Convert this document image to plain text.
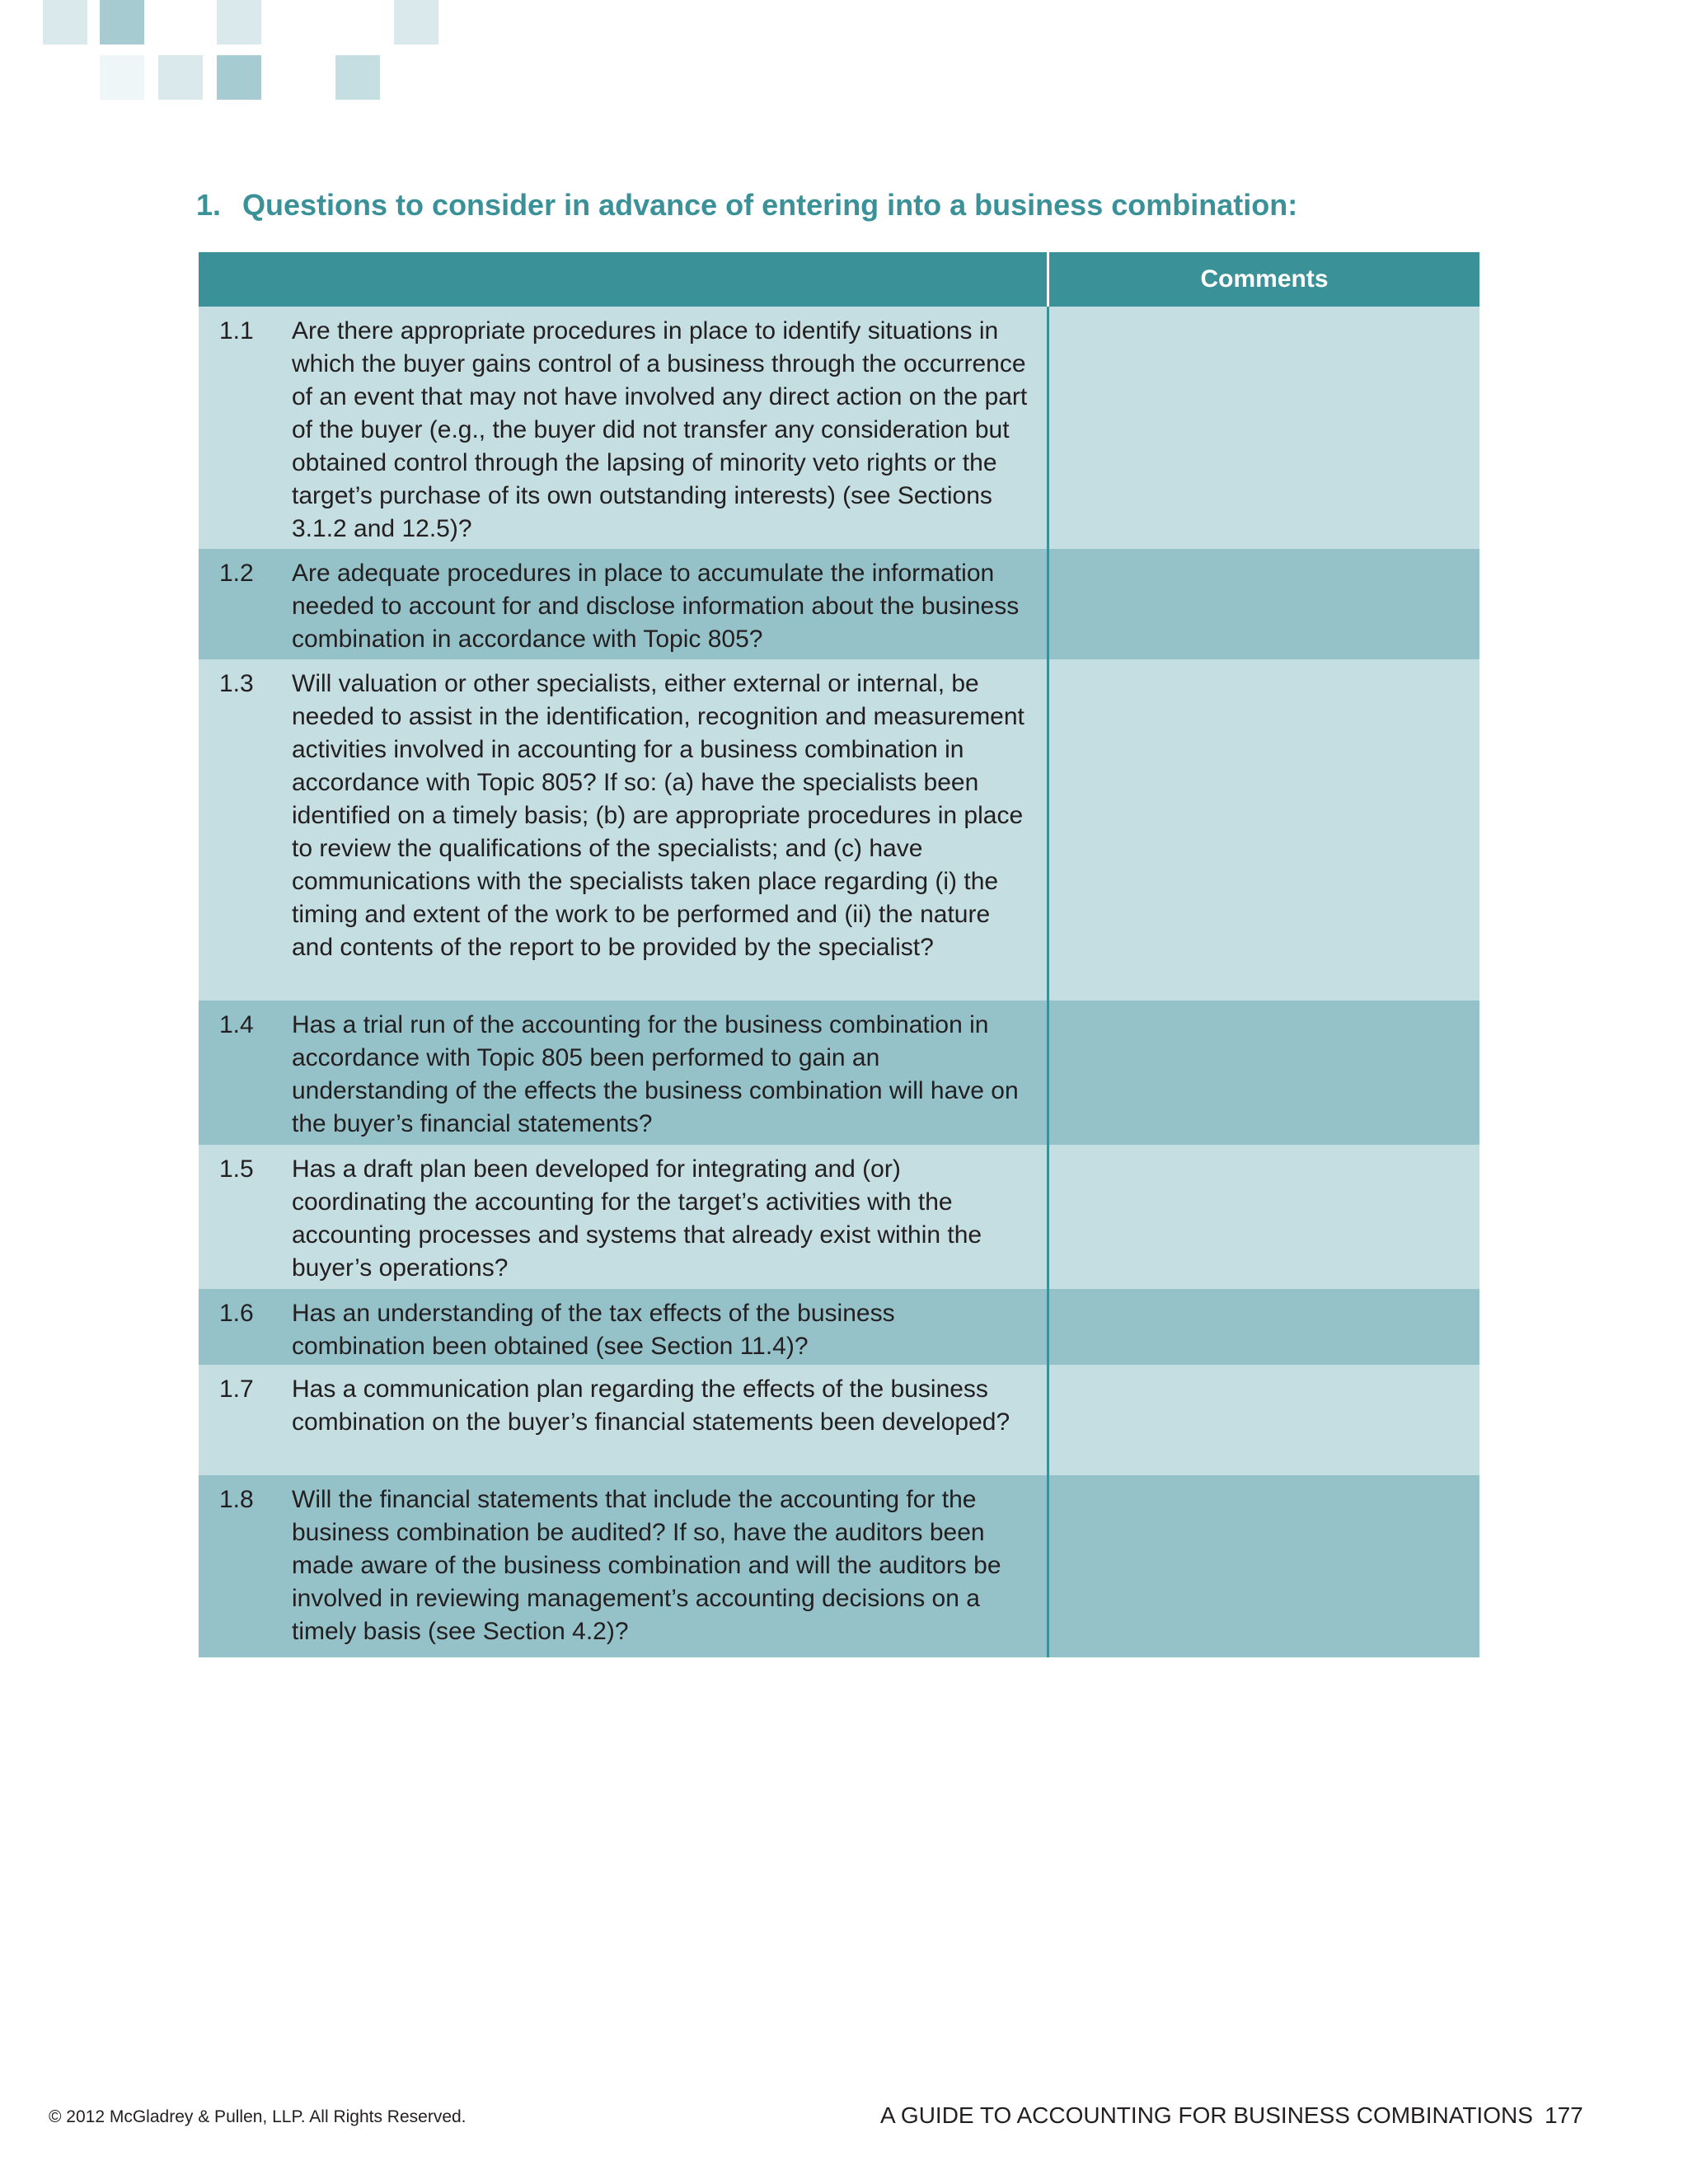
1. Questions to consider in advance of entering into a business combination:
Comments
1.1	Are there appropriate procedures in place to identify situations in which the buyer gains control of a business through the occurrence of an event that may not have involved any direct action on the part of the buyer (e.g., the buyer did not transfer any consideration but obtained control through the lapsing of minority veto rights or the target’s purchase of its own outstanding interests) (see Sections 3.1.2 and 12.5)?
1.2	Are adequate procedures in place to accumulate the information needed to account for and disclose information about the business combination in accordance with Topic 805?
1.3	Will valuation or other specialists, either external or internal, be needed to assist in the identification, recognition and measurement activities involved in accounting for a business combination in accordance with Topic 805? If so: (a) have the specialists been identified on a timely basis; (b) are appropriate procedures in place to review the qualifications of the specialists; and (c) have communications with the specialists taken place regarding (i) the timing and extent of the work to be performed and (ii) the nature and contents of the report to be provided by the specialist?
1.4	Has a trial run of the accounting for the business combination in accordance with Topic 805 been performed to gain an understanding of the effects the business combination will have on the buyer’s financial statements?
1.5	Has a draft plan been developed for integrating and (or) coordinating the accounting for the target’s activities with the accounting processes and systems that already exist within the buyer’s operations?
1.6	Has an understanding of the tax effects of the business combination been obtained (see Section 11.4)?
1.7	Has a communication plan regarding the effects of the business combination on the buyer’s financial statements been developed?
1.8	Will the financial statements that include the accounting for the business combination be audited? If so, have the auditors been made aware of the business combination and will the auditors be involved in reviewing management’s accounting decisions on a timely basis (see Section 4.2)?
© 2012 McGladrey & Pullen, LLP. All Rights Reserved.	A GUIDE TO ACCOUNTING FOR BUSINESS COMBINATIONS 177
